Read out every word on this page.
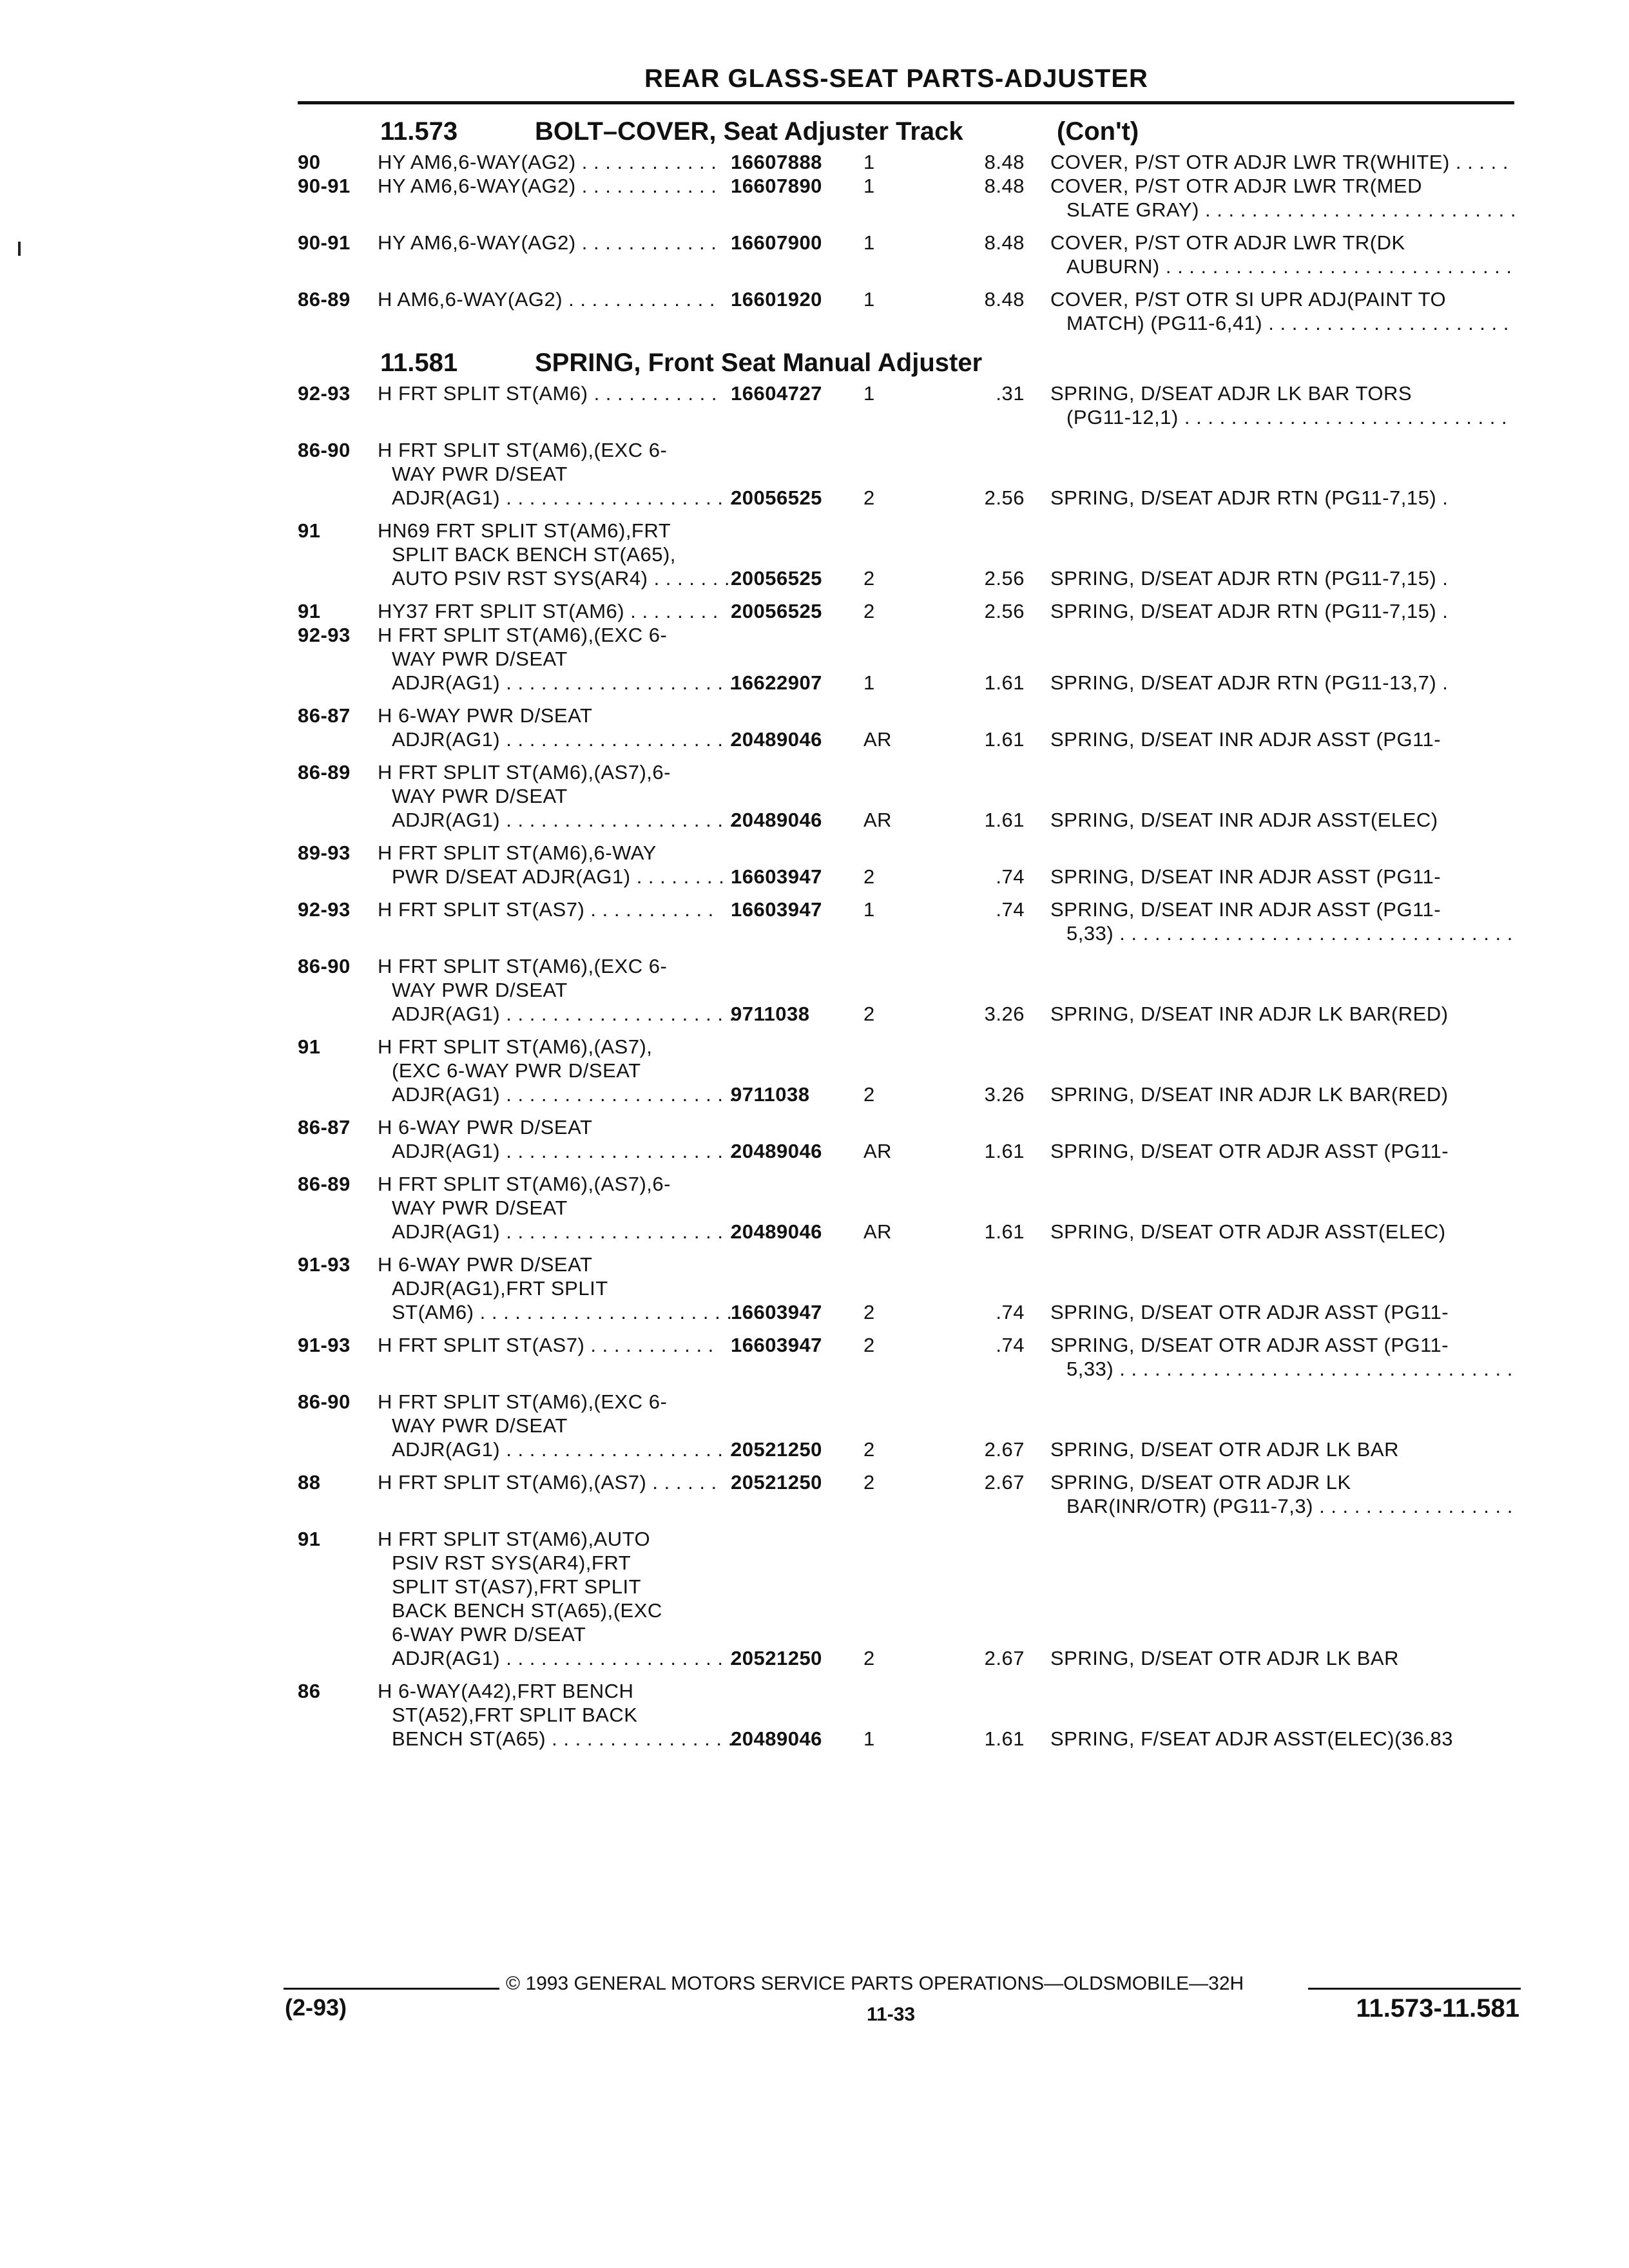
REAR GLASS-SEAT PARTS-ADJUSTER
11.573	BOLT–COVER, Seat Adjuster Track	(Con't)
90	HY AM6,6-WAY(AG2) . . .	16607888 1	8.48 COVER, P/ST OTR ADJR LWR TR(WHITE) . . .
90-91 HY AM6,6-WAY(AG2) . . .	16607890 1	8.48 COVER, P/ST OTR ADJR LWR TR(MED
SLATE GRAY) . . .
90-91 HY AM6,6-WAY(AG2) . . .	16607900 1	8.48 COVER, P/ST OTR ADJR LWR TR(DK
AUBURN) . . .
86-89 H AM6,6-WAY(AG2) . . .	16601920 1	8.48 COVER, P/ST OTR SI UPR ADJ(PAINT TO
MATCH) (PG11-6,41) . . .
11.581	SPRING, Front Seat Manual Adjuster
92-93 H FRT SPLIT ST(AM6) . . .	16604727 1	.31 SPRING, D/SEAT ADJR LK BAR TORS
(PG11-12,1) . . .
86-90 H FRT SPLIT ST(AM6),(EXC 6-
WAY PWR D/SEAT
ADJR(AG1) . . .	20056525 2	2.56 SPRING, D/SEAT ADJR RTN (PG11-7,15) .
91	HN69 FRT SPLIT ST(AM6),FRT
SPLIT BACK BENCH ST(A65),
AUTO PSIV RST SYS(AR4) . . .	20056525 2	2.56 SPRING, D/SEAT ADJR RTN (PG11-7,15) .
91	HY37 FRT SPLIT ST(AM6) . . .	20056525 2	2.56 SPRING, D/SEAT ADJR RTN (PG11-7,15) .
92-93 H FRT SPLIT ST(AM6),(EXC 6-
WAY PWR D/SEAT
ADJR(AG1) . . .	16622907 1	1.61 SPRING, D/SEAT ADJR RTN (PG11-13,7) .
86-87 H 6-WAY PWR D/SEAT
ADJR(AG1) . . .	20489046 AR	1.61 SPRING, D/SEAT INR ADJR ASST (PG11-
86-89 H FRT SPLIT ST(AM6),(AS7),6-
WAY PWR D/SEAT
ADJR(AG1) . . .	20489046 AR	1.61 SPRING, D/SEAT INR ADJR ASST(ELEC)
89-93 H FRT SPLIT ST(AM6),6-WAY
PWR D/SEAT ADJR(AG1) . . .	16603947 2	.74 SPRING, D/SEAT INR ADJR ASST (PG11-
92-93 H FRT SPLIT ST(AS7) . . .	16603947 1	.74 SPRING, D/SEAT INR ADJR ASST (PG11-
5,33) . . .
86-90 H FRT SPLIT ST(AM6),(EXC 6-
WAY PWR D/SEAT
ADJR(AG1) . . .	9711038	2	3.26 SPRING, D/SEAT INR ADJR LK BAR(RED)
91	H FRT SPLIT ST(AM6),(AS7),
(EXC 6-WAY PWR D/SEAT
ADJR(AG1) . . .	9711038	2	3.26 SPRING, D/SEAT INR ADJR LK BAR(RED)
86-87 H 6-WAY PWR D/SEAT
ADJR(AG1) . . .	20489046 AR	1.61 SPRING, D/SEAT OTR ADJR ASST (PG11-
86-89 H FRT SPLIT ST(AM6),(AS7),6-
WAY PWR D/SEAT
ADJR(AG1) . . .	20489046 AR	1.61 SPRING, D/SEAT OTR ADJR ASST(ELEC)
91-93 H 6-WAY PWR D/SEAT
ADJR(AG1),FRT SPLIT
ST(AM6) . . .	16603947 2	.74 SPRING, D/SEAT OTR ADJR ASST (PG11-
91-93 H FRT SPLIT ST(AS7) . . .	16603947 2	.74 SPRING, D/SEAT OTR ADJR ASST (PG11-
5,33) . . .
86-90 H FRT SPLIT ST(AM6),(EXC 6-
WAY PWR D/SEAT
ADJR(AG1) . . .	20521250 2	2.67 SPRING, D/SEAT OTR ADJR LK BAR
88	H FRT SPLIT ST(AM6),(AS7) . . .	20521250 2	2.67 SPRING, D/SEAT OTR ADJR LK
BAR(INR/OTR) (PG11-7,3) . . .
91	H FRT SPLIT ST(AM6),AUTO
PSIV RST SYS(AR4),FRT
SPLIT ST(AS7),FRT SPLIT
BACK BENCH ST(A65),(EXC
6-WAY PWR D/SEAT
ADJR(AG1) . . .	20521250 2	2.67 SPRING, D/SEAT OTR ADJR LK BAR
86	H 6-WAY(A42),FRT BENCH
ST(A52),FRT SPLIT BACK
BENCH ST(A65) . . .	20489046 1	1.61 SPRING, F/SEAT ADJR ASST(ELEC)(36.83
© 1993 GENERAL MOTORS SERVICE PARTS OPERATIONS—OLDSMOBILE—32H
(2-93)	11-33	11.573-11.581
